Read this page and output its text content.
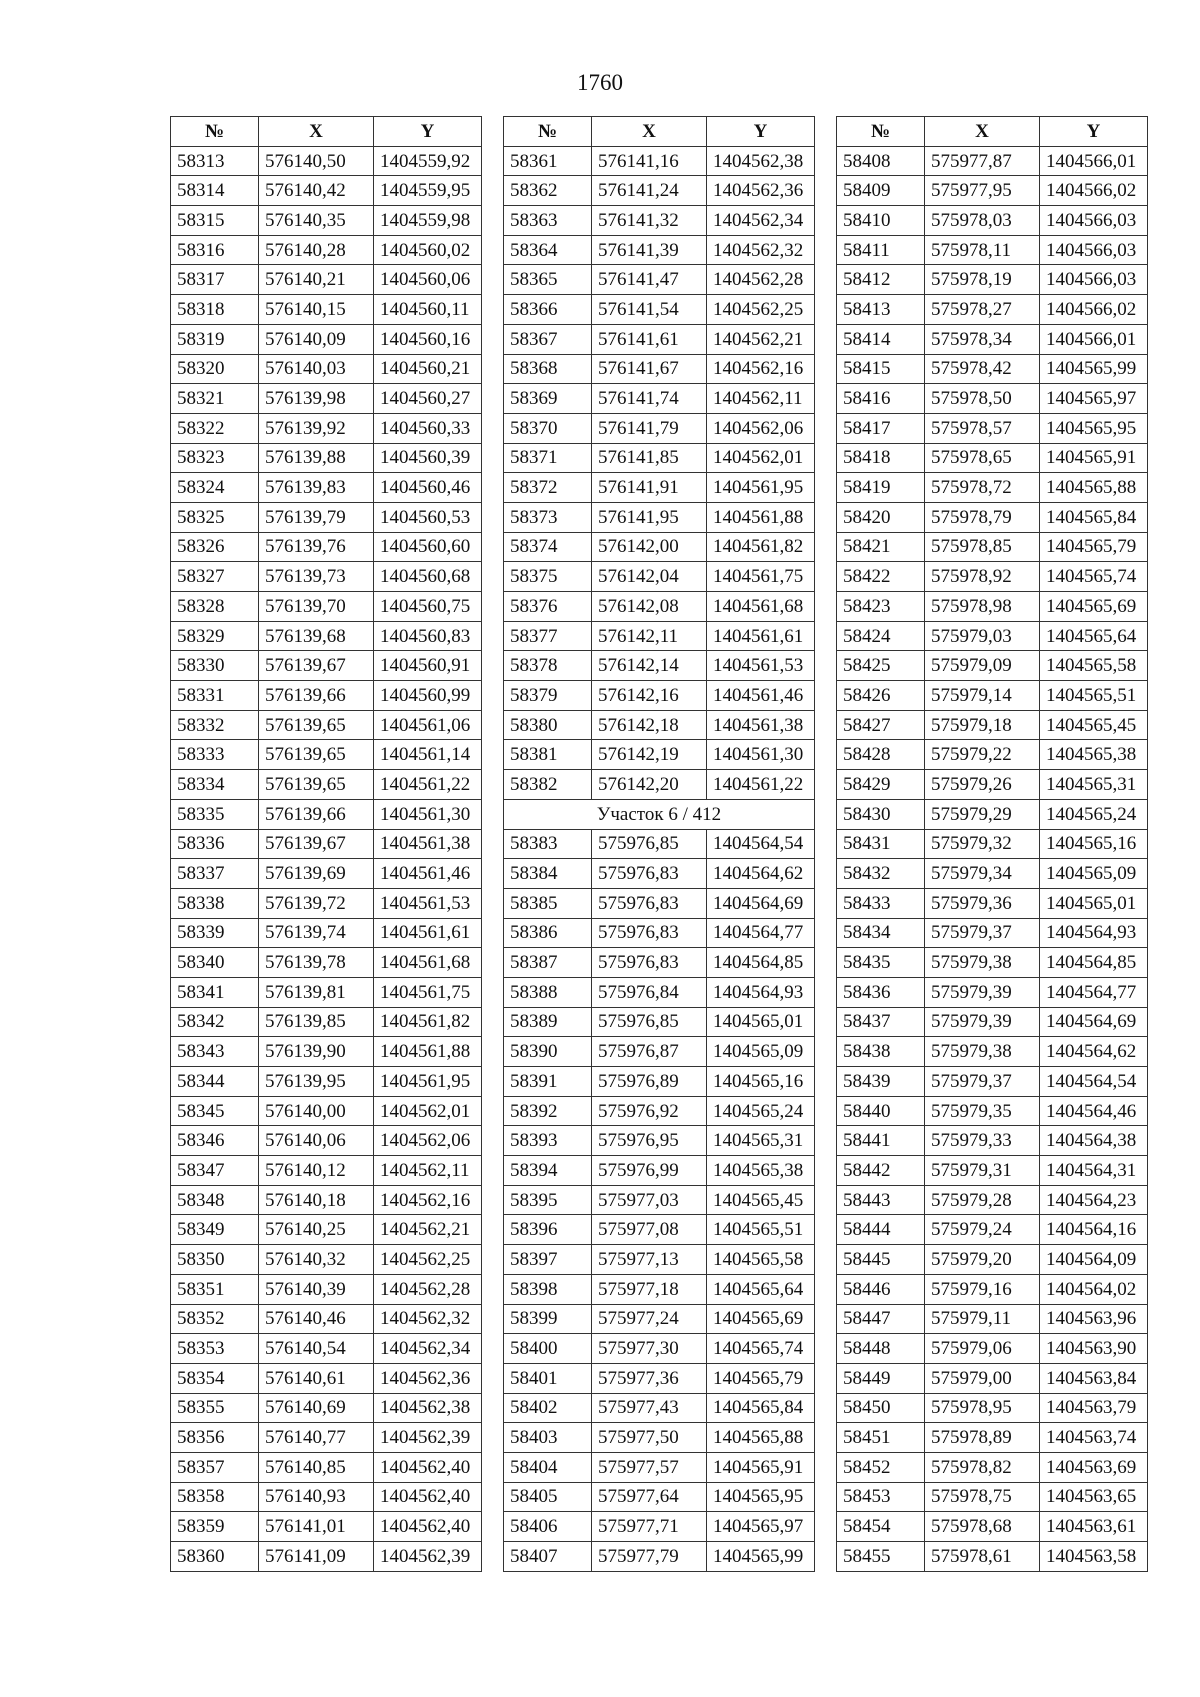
1760
№	X	Y
58313	576140,50	1404559,92
58314	576140,42	1404559,95
58315	576140,35	1404559,98
58316	576140,28	1404560,02
58317	576140,21	1404560,06
58318	576140,15	1404560,11
58319	576140,09	1404560,16
58320	576140,03	1404560,21
58321	576139,98	1404560,27
58322	576139,92	1404560,33
58323	576139,88	1404560,39
58324	576139,83	1404560,46
58325	576139,79	1404560,53
58326	576139,76	1404560,60
58327	576139,73	1404560,68
58328	576139,70	1404560,75
58329	576139,68	1404560,83
58330	576139,67	1404560,91
58331	576139,66	1404560,99
58332	576139,65	1404561,06
58333	576139,65	1404561,14
58334	576139,65	1404561,22
58335	576139,66	1404561,30
58336	576139,67	1404561,38
58337	576139,69	1404561,46
58338	576139,72	1404561,53
58339	576139,74	1404561,61
58340	576139,78	1404561,68
58341	576139,81	1404561,75
58342	576139,85	1404561,82
58343	576139,90	1404561,88
58344	576139,95	1404561,95
58345	576140,00	1404562,01
58346	576140,06	1404562,06
58347	576140,12	1404562,11
58348	576140,18	1404562,16
58349	576140,25	1404562,21
58350	576140,32	1404562,25
58351	576140,39	1404562,28
58352	576140,46	1404562,32
58353	576140,54	1404562,34
58354	576140,61	1404562,36
58355	576140,69	1404562,38
58356	576140,77	1404562,39
58357	576140,85	1404562,40
58358	576140,93	1404562,40
58359	576141,01	1404562,40
58360	576141,09	1404562,39
№	X	Y
58361	576141,16	1404562,38
58362	576141,24	1404562,36
58363	576141,32	1404562,34
58364	576141,39	1404562,32
58365	576141,47	1404562,28
58366	576141,54	1404562,25
58367	576141,61	1404562,21
58368	576141,67	1404562,16
58369	576141,74	1404562,11
58370	576141,79	1404562,06
58371	576141,85	1404562,01
58372	576141,91	1404561,95
58373	576141,95	1404561,88
58374	576142,00	1404561,82
58375	576142,04	1404561,75
58376	576142,08	1404561,68
58377	576142,11	1404561,61
58378	576142,14	1404561,53
58379	576142,16	1404561,46
58380	576142,18	1404561,38
58381	576142,19	1404561,30
58382	576142,20	1404561,22
Участок 6 / 412		
58383	575976,85	1404564,54
58384	575976,83	1404564,62
58385	575976,83	1404564,69
58386	575976,83	1404564,77
58387	575976,83	1404564,85
58388	575976,84	1404564,93
58389	575976,85	1404565,01
58390	575976,87	1404565,09
58391	575976,89	1404565,16
58392	575976,92	1404565,24
58393	575976,95	1404565,31
58394	575976,99	1404565,38
58395	575977,03	1404565,45
58396	575977,08	1404565,51
58397	575977,13	1404565,58
58398	575977,18	1404565,64
58399	575977,24	1404565,69
58400	575977,30	1404565,74
58401	575977,36	1404565,79
58402	575977,43	1404565,84
58403	575977,50	1404565,88
58404	575977,57	1404565,91
58405	575977,64	1404565,95
58406	575977,71	1404565,97
58407	575977,79	1404565,99
№	X	Y
58408	575977,87	1404566,01
58409	575977,95	1404566,02
58410	575978,03	1404566,03
58411	575978,11	1404566,03
58412	575978,19	1404566,03
58413	575978,27	1404566,02
58414	575978,34	1404566,01
58415	575978,42	1404565,99
58416	575978,50	1404565,97
58417	575978,57	1404565,95
58418	575978,65	1404565,91
58419	575978,72	1404565,88
58420	575978,79	1404565,84
58421	575978,85	1404565,79
58422	575978,92	1404565,74
58423	575978,98	1404565,69
58424	575979,03	1404565,64
58425	575979,09	1404565,58
58426	575979,14	1404565,51
58427	575979,18	1404565,45
58428	575979,22	1404565,38
58429	575979,26	1404565,31
58430	575979,29	1404565,24
58431	575979,32	1404565,16
58432	575979,34	1404565,09
58433	575979,36	1404565,01
58434	575979,37	1404564,93
58435	575979,38	1404564,85
58436	575979,39	1404564,77
58437	575979,39	1404564,69
58438	575979,38	1404564,62
58439	575979,37	1404564,54
58440	575979,35	1404564,46
58441	575979,33	1404564,38
58442	575979,31	1404564,31
58443	575979,28	1404564,23
58444	575979,24	1404564,16
58445	575979,20	1404564,09
58446	575979,16	1404564,02
58447	575979,11	1404563,96
58448	575979,06	1404563,90
58449	575979,00	1404563,84
58450	575978,95	1404563,79
58451	575978,89	1404563,74
58452	575978,82	1404563,69
58453	575978,75	1404563,65
58454	575978,68	1404563,61
58455	575978,61	1404563,58
